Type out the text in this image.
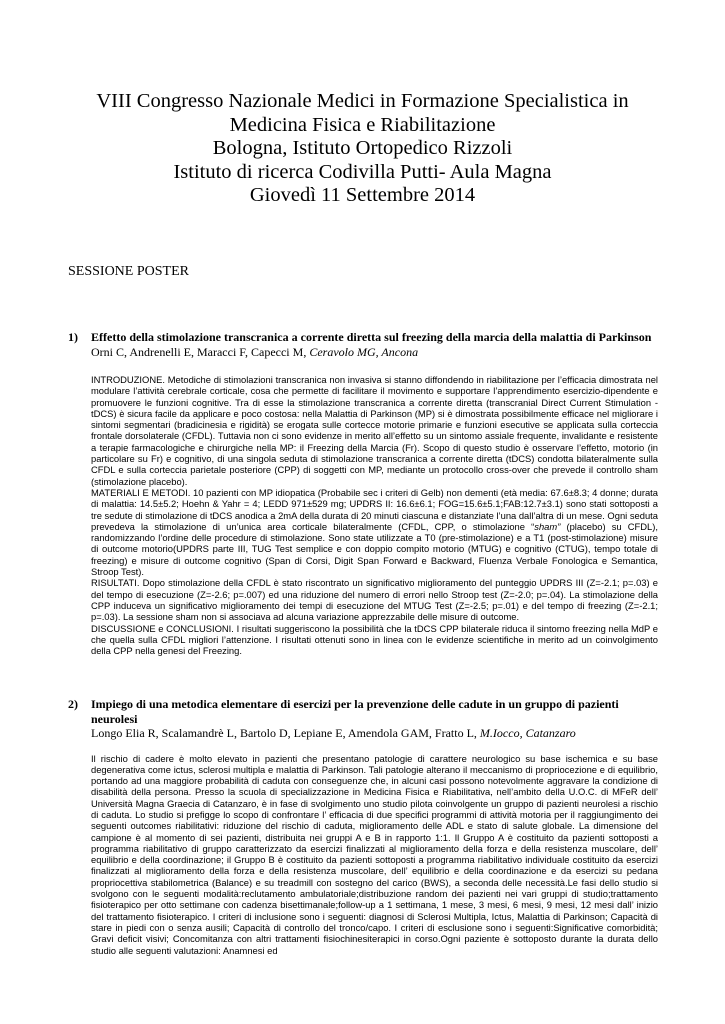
VIII Congresso Nazionale Medici in Formazione Specialistica in
Medicina Fisica e Riabilitazione
Bologna, Istituto Ortopedico Rizzoli
Istituto di ricerca Codivilla Putti- Aula Magna
Giovedì 11 Settembre 2014
SESSIONE POSTER
1) Effetto della stimolazione transcranica a corrente diretta sul freezing della marcia della malattia di Parkinson
Orni C, Andrenelli E, Maracci F, Capecci M, Ceravolo MG, Ancona

INTRODUZIONE. Metodiche di stimolazioni transcranica non invasiva si stanno diffondendo in riabilitazione per l’efficacia dimostrata nel modulare l’attività cerebrale corticale, cosa che permette di facilitare il movimento e supportare l’apprendimento esercizio-dipendente e promuovere le funzioni cognitive. Tra di esse la stimolazione transcranica a corrente diretta (transcranial Direct Current Stimulation - tDCS) è sicura facile da applicare e poco costosa: nella Malattia di Parkinson (MP) si è dimostrata possibilmente efficace nel migliorare i sintomi segmentari (bradicinesia e rigidità) se erogata sulle cortecce motorie primarie e funzioni esecutive se applicata sulla corteccia frontale dorsolaterale (CFDL). Tuttavia non ci sono evidenze in merito all’effetto su un sintomo assiale frequente, invalidante e resistente a terapie farmacologiche e chirurgiche nella MP: il Freezing della Marcia (Fr). Scopo di questo studio è osservare l’effetto, motorio (in particolare su Fr) e cognitivo, di una singola seduta di stimolazione transcranica a corrente diretta (tDCS) condotta bilateralmente sulla CFDL e sulla corteccia parietale posteriore (CPP) di soggetti con MP, mediante un protocollo cross-over che prevede il controllo sham (stimolazione placebo).

MATERIALI E METODI. 10 pazienti con MP idiopatica (Probabile sec i criteri di Gelb) non dementi (età media: 67.6±8.3; 4 donne; durata di malattia: 14.5±5.2; Hoehn & Yahr = 4; LEDD 971±529 mg; UPDRS II: 16.6±6.1; FOG=15.6±5.1;FAB:12.7±3.1) sono stati sottoposti a tre sedute di stimolazione di tDCS anodica a 2mA della durata di 20 minuti ciascuna e distanziate l’una dall’altra di un mese. Ogni seduta prevedeva la stimolazione di un’unica area corticale bilateralmente (CFDL, CPP, o stimolazione “sham” (placebo) su CFDL), randomizzando l’ordine delle procedure di stimolazione. Sono state utilizzate a T0 (pre-stimolazione) e a T1 (post-stimolazione) misure di outcome motorio(UPDRS parte III, TUG Test semplice e con doppio compito motorio (MTUG) e cognitivo (CTUG), tempo totale di freezing) e misure di outcome cognitivo (Span di Corsi, Digit Span Forward e Backward, Fluenza Verbale Fonologica e Semantica, Stroop Test).

RISULTATI. Dopo stimolazione della CFDL è stato riscontrato un significativo miglioramento del punteggio UPDRS III (Z=-2.1; p=.03) e del tempo di esecuzione (Z=-2.6; p=.007) ed una riduzione del numero di errori nello Stroop test (Z=-2.0; p=.04). La stimolazione della CPP induceva un significativo miglioramento dei tempi di esecuzione del MTUG Test (Z=-2.5; p=.01) e del tempo di freezing (Z=-2.1; p=.03). La sessione sham non si associava ad alcuna variazione apprezzabile delle misure di outcome.

DISCUSSIONE e CONCLUSIONI. I risultati suggeriscono la possibilità che la tDCS CPP bilaterale riduca il sintomo freezing nella MdP e che quella sulla CFDL migliori l’attenzione. I risultati ottenuti sono in linea con le evidenze scientifiche in merito ad un coinvolgimento della CPP nella genesi del Freezing.

2) Impiego di una metodica elementare di esercizi per la prevenzione delle cadute in un gruppo di pazienti neurolesi
Longo Elia R, Scalamandrè L, Bartolo D, Lepiane E, Amendola GAM, Fratto L, M.Iocco, Catanzaro

Il rischio di cadere è molto elevato in pazienti che presentano patologie di carattere neurologico su base ischemica e su base degenerativa come ictus, sclerosi multipla e malattia di Parkinson. Tali patologie alterano il meccanismo di propriocezione e di equilibrio, portando ad una maggiore probabilità di caduta con conseguenze che, in alcuni casi possono notevolmente aggravare la condizione di disabilità della persona. Presso la scuola di specializzazione in Medicina Fisica e Riabilitativa, nell’ambito della U.O.C. di MFeR dell’ Università Magna Graecia di Catanzaro, è in fase di svolgimento uno studio pilota coinvolgente un gruppo di pazienti neurolesi a rischio di caduta. Lo studio si prefigge lo scopo di confrontare l’ efficacia di due specifici programmi di attività motoria per il raggiungimento dei seguenti outcomes riabilitativi: riduzione del rischio di caduta, miglioramento delle ADL e stato di salute globale. La dimensione del campione è al momento di sei pazienti, distribuita nei gruppi A e B in rapporto 1:1. Il Gruppo A è costituito da pazienti sottoposti a programma riabilitativo di gruppo caratterizzato da esercizi finalizzati al miglioramento della forza e della resistenza muscolare, dell’ equilibrio e della coordinazione; il Gruppo B è costituito da pazienti sottoposti a programma riabilitativo individuale costituito da esercizi finalizzati al miglioramento della forza e della resistenza muscolare, dell’ equilibrio e della coordinazione e da esercizi su pedana propriocettiva stabilometrica (Balance) e su treadmill con sostegno del carico (BWS), a seconda delle necessità.Le fasi dello studio si svolgono con le seguenti modalità:reclutamento ambulatoriale;distribuzione random dei pazienti nei vari gruppi di studio;trattamento fisioterapico per otto settimane con cadenza bisettimanale;follow-up a 1 settimana, 1 mese, 3 mesi, 6 mesi, 9 mesi, 12 mesi dall’ inizio del trattamento fisioterapico. I criteri di inclusione sono i seguenti: diagnosi di Sclerosi Multipla, Ictus, Malattia di Parkinson; Capacità di stare in piedi con o senza ausili; Capacità di controllo del tronco/capo. I criteri di esclusione sono i seguenti:Significative comorbidità; Gravi deficit visivi; Concomitanza con altri trattamenti fisiochinesiterapici in corso.Ogni paziente è sottoposto durante la durata dello studio alle seguenti valutazioni: Anamnesi ed
